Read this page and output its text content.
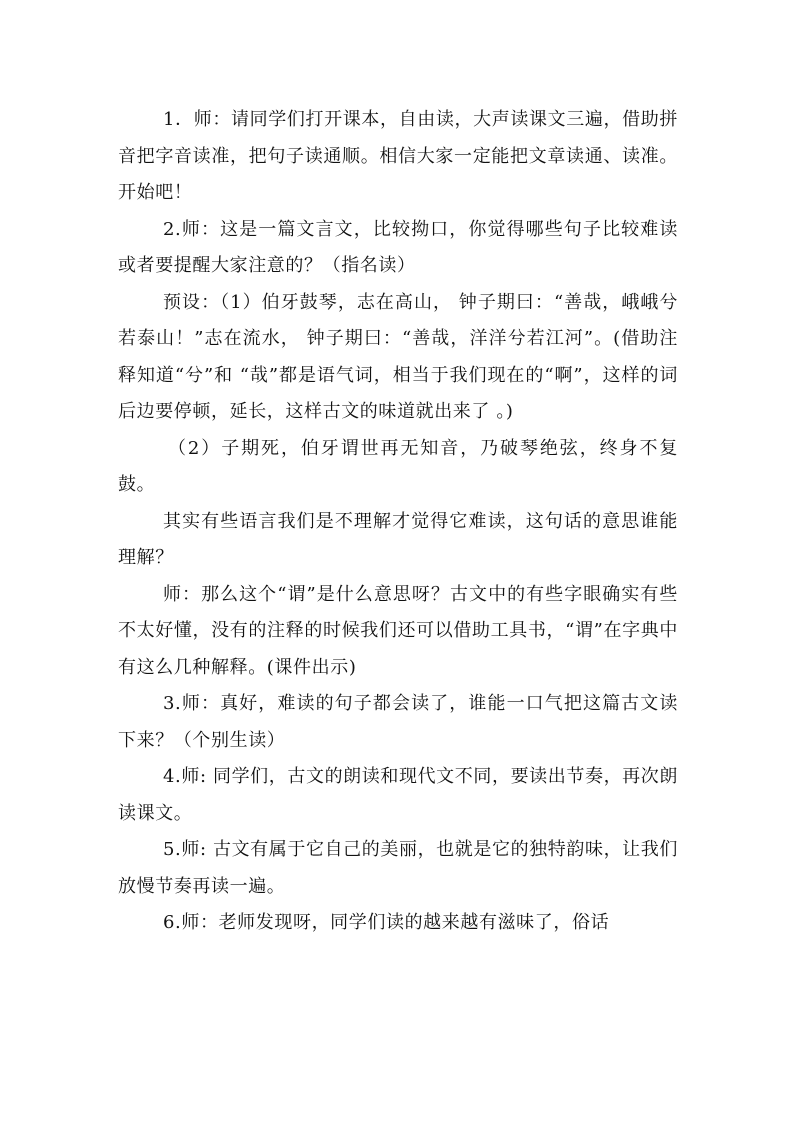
1．师：请同学们打开课本，自由读，大声读课文三遍，借助拼音把字音读准，把句子读通顺。相信大家一定能把文章读通、读准。开始吧！

2.师：这是一篇文言文，比较拗口，你觉得哪些句子比较难读或者要提醒大家注意的？（指名读）

预设：（1）伯牙鼓琴，志在高山， 钟子期曰：“善哉，峨峨兮若泰山！”志在流水， 钟子期曰：“善哉，洋洋兮若江河”。(借助注释知道“兮”和 “哉”都是语气词，相当于我们现在的“啊”，这样的词后边要停顿，延长，这样古文的味道就出来了 。)

（2）子期死，伯牙谓世再无知音，乃破琴绝弦，终身不复鼓。

其实有些语言我们是不理解才觉得它难读，这句话的意思谁能理解？

师：那么这个“谓”是什么意思呀？古文中的有些字眼确实有些不太好懂，没有的注释的时候我们还可以借助工具书，“谓”在字典中有这么几种解释。(课件出示)

3.师：真好，难读的句子都会读了，谁能一口气把这篇古文读下来？（个别生读）

4.师: 同学们，古文的朗读和现代文不同，要读出节奏，再次朗读课文。

5.师: 古文有属于它自己的美丽，也就是它的独特韵味，让我们放慢节奏再读一遍。

6.师：老师发现呀，同学们读的越来越有滋味了，俗话
